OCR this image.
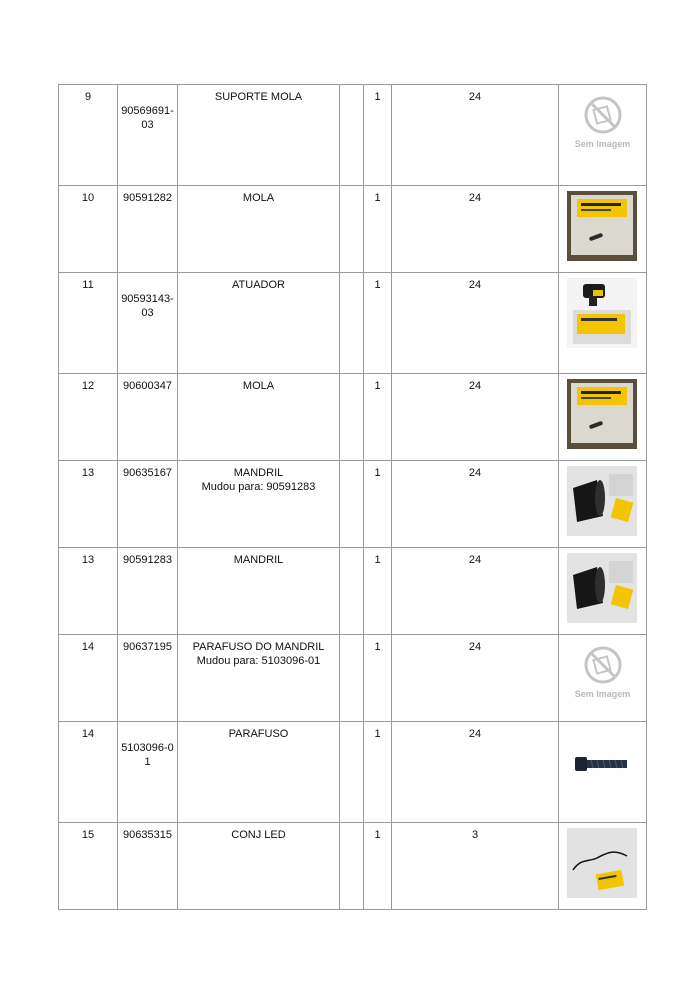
9	90569691-03	SUPORTE MOLA		1	24	Sem Imagem

10	90591282	MOLA		1	24	

11	90593143-03	ATUADOR		1	24	

12	90600347	MOLA		1	24	

13	90635167	MANDRIL
Mudou para: 90591283		1	24	

13	90591283	MANDRIL		1	24	

14	90637195	PARAFUSO DO MANDRIL
Mudou para: 5103096-01		1	24	Sem Imagem

14	5103096-01	PARAFUSO		1	24	

15	90635315	CONJ LED		1	3	
